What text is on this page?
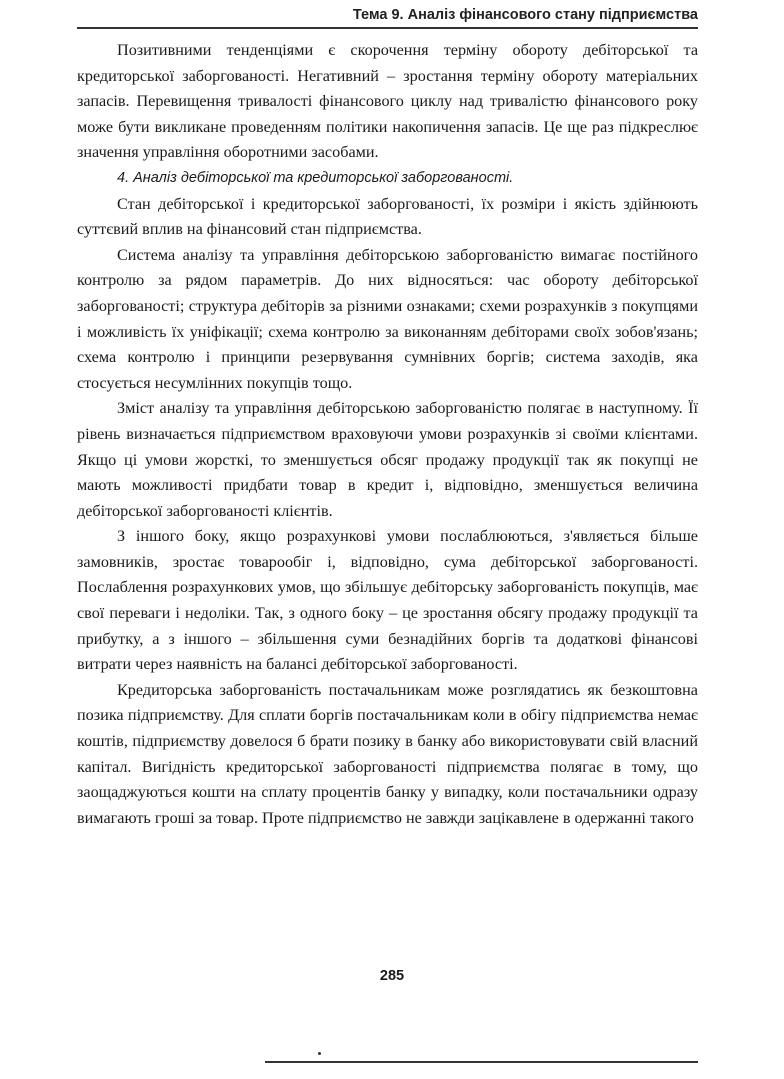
Тема 9. Аналіз фінансового стану підприємства

Позитивними тенденціями є скорочення терміну обороту дебіторської та кредиторської заборгованості. Негативний – зростання терміну обороту матеріальних запасів. Перевищення тривалості фінансового циклу над тривалістю фінансового року може бути викликане проведенням політики накопичення запасів. Це ще раз підкреслює значення управління оборотними засобами.

4. Аналіз дебіторської та кредиторської заборгованості.

Стан дебіторської і кредиторської заборгованості, їх розміри і якість здійнюють суттєвий вплив на фінансовий стан підприємства.

Система аналізу та управління дебіторською заборгованістю вимагає постійного контролю за рядом параметрів. До них відносяться: час обороту дебіторської заборгованості; структура дебіторів за різними ознаками; схеми розрахунків з покупцями і можливість їх уніфікації; схема контролю за виконанням дебіторами своїх зобов'язань; схема контролю і принципи резервування сумнівних боргів; система заходів, яка стосується несумлінних покупців тощо.

Зміст аналізу та управління дебіторською заборгованістю полягає в наступному. Її рівень визначається підприємством враховуючи умови розрахунків зі своїми клієнтами. Якщо ці умови жорсткі, то зменшується обсяг продажу продукції так як покупці не мають можливості придбати товар в кредит і, відповідно, зменшується величина дебіторської заборгованості клієнтів.

З іншого боку, якщо розрахункові умови послаблюються, з'являється більше замовників, зростає товарообіг і, відповідно, сума дебіторської заборгованості. Послаблення розрахункових умов, що збільшує дебіторську заборгованість покупців, має свої переваги і недоліки. Так, з одного боку – це зростання обсягу продажу продукції та прибутку, а з іншого – збільшення суми безнадійних боргів та додаткові фінансові витрати через наявність на балансі дебіторської заборгованості.

Кредиторська заборгованість постачальникам може розглядатись як безкоштовна позика підприємству. Для сплати боргів постачальникам коли в обігу підприємства немає коштів, підприємству довелося б брати позику в банку або використовувати свій власний капітал. Вигідність кредиторської заборгованості підприємства полягає в тому, що заощаджуються кошти на сплату процентів банку у випадку, коли постачальники одразу вимагають гроші за товар. Проте підприємство не завжди зацікавлене в одержанні такого

285
